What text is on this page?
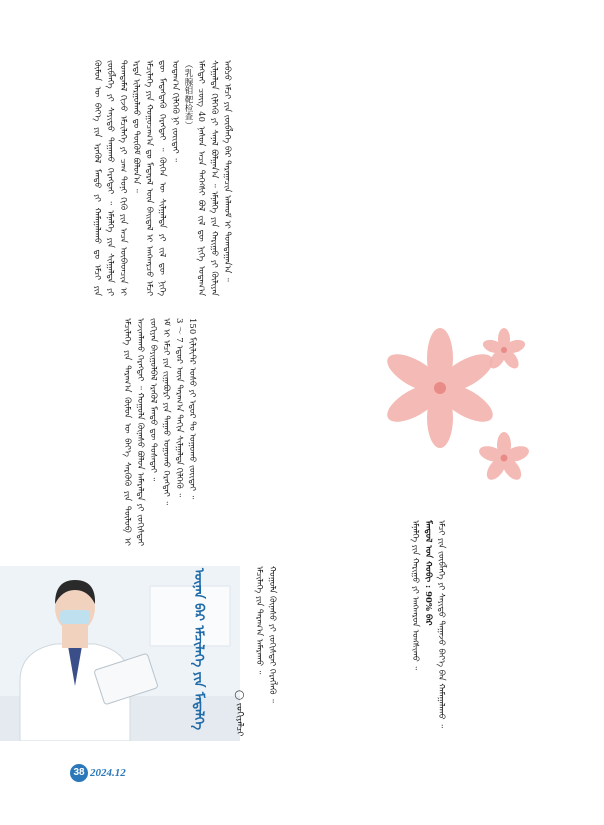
ᠬᠥᠮᠦᠨ ᠦ ᠪᠡᠶ᠎ᠡ ᠶᠢᠨ ᠡᠷᠡᠭᠦᠯ ᠮᠡᠨᠳᠦ ᠶᠢ ᠬᠠᠮᠠᠭᠠᠯᠠᠬᠤ ᠳᠤ ᠡᠮᠴᠢ ᠶᠢᠨ ᠵᠥᠪᠯᠡᠭᠡ ᠶᠢ ᠰᠠᠶᠢᠲᠤ ᠳᠠᠭᠠᠬᠤ ᠬᠡᠷᠡᠭᠲᠡᠢ ᠃ ᠡᠮᠨᠡᠯᠭᠡ ᠶᠢᠨ ᠰᠢᠯᠭᠠᠯᠲᠠ ᠶᠢ ᠲᠣᠭᠲᠠᠮᠠᠯ ᠬᠢᠵᠦ ᠡᠮᠴᠢᠯᠡᠭᠡ ᠶᠢ ᠴᠠᠭ ᠲᠤᠨᠢ ᠬᠢᠬᠦ ᠶᠢᠨ ᠠᠴᠠ ᠥᠪᠡᠳᠴᠢᠨ ᠢ ᠡᠷᠲᠡ ᠢᠯᠠᠷᠭᠤᠯᠬᠤ ᠳᠤ ᠳᠥᠭᠥᠮ ᠪᠣᠯᠤᠨ᠎ᠠ ᠃ ᠡᠮᠴᠢᠯᠡᠭᠡ ᠶᠢᠨ ᠬᠤᠭᠤᠴᠠᠭ᠎ᠠ ᠳᠤ ᠮᠡᠳᠡᠷᠡᠯ ᠦᠨ ᠪᠠᠢᠳᠠᠯ ᠢ ᠠᠩᠬᠠᠷᠴᠤ ᠡᠮᠴᠢ ᠳᠦ ᠮᠡᠳᠡᠭᠳᠡᠬᠦ ᠬᠡᠷᠡᠭᠲᠡᠢ ᠃ ᠬᠥᠬᠡᠨ ᠦ ᠰᠢᠯᠭᠠᠯᠲᠠ ᠶᠢ ᠵᠢᠯ ᠳᠦ ᠨᠢᠭᠡ ᠤᠳᠠᠭ᠎ᠠ ᠬᠢᠯᠭᠡᠬᠦ ᠨᠢ ᠵᠦᠢᠲᠡᠢ ᠃ （乳腺钼靶检查） ᠡᠮᠡᠭᠲᠡᠢ ᠴᠦᠭ 40 ᠨᠠᠰᠤᠨ ᠠᠴᠠ ᠳᠡᠭᠡᠭᠰᠢ ᠪᠣᠯ ᠵᠢᠯ ᠳᠦ ᠨᠢᠭᠡ ᠤᠳᠠᠭ᠎ᠠ ᠰᠢᠯᠭᠠᠯᠲᠠ ᠬᠢᠯᠭᠡᠬᠦ ᠶᠢ ᠰᠠᠨᠠᠯ ᠪᠣᠯᠭᠠᠨ᠎ᠠ ᠃ ᠡᠮᠨᠡᠯᠭᠡ ᠶᠢᠨ ᠬᠠᠷᠢᠭᠤ ᠶᠢ ᠬᠦᠯᠢᠶᠡᠨ ᠠᠪᠴᠤ ᠡᠮᠴᠢ ᠶᠢᠨ ᠵᠥᠪᠯᠡᠭᠡ ᠪᠡᠷ ᠳᠠᠷᠠᠭᠠᠴᠢᠨ ᠠᠯᠬᠤᠮ ᠢ ᠲᠣᠭᠲᠠᠭᠠᠨ᠎ᠠ ᠃

ᠡᠮᠴᠢᠯᠡᠭᠡ ᠶᠢᠨ ᠳᠠᠷᠠᠭ᠎ᠠ ᠬᠥᠮᠦᠨ ᠦ ᠪᠡᠶ᠎ᠡ ᠰᠡᠷᠭᠦᠬᠦ ᠶᠢᠨ ᠲᠥᠯᠦᠪ ᠢ ᠠᠵᠢᠭᠯᠠᠬᠤ ᠬᠡᠷᠡᠭᠲᠡᠢ ᠃ ᠬᠣᠭᠣᠯᠠ ᠬᠦᠨᠡᠰᠦ ᠪᠣᠯᠤᠨ ᠠᠮᠠᠷᠠᠯᠲᠠ ᠶᠢ ᠵᠣᠬᠢᠰᠲᠠᠢ ᠵᠣᠬᠢᠶᠠᠨ ᠪᠠᠶᠢᠭᠤᠯᠪᠠᠯ ᠡᠷᠡᠭᠦᠯ ᠮᠡᠨᠳᠦ ᠳᠦ ᠲᠤᠰᠠᠲᠠᠢ ᠃ ᠡᠮ ᠢ ᠡᠮᠴᠢ ᠶᠢᠨ ᠵᠢᠭᠠᠪᠤᠷᠢ ᠶᠢᠨ ᠳᠠᠭᠠᠤ ᠤᠭᠤᠬᠤ ᠬᠡᠷᠡᠭᠲᠡᠢ ᠃ 3 ～ 7 ᠡᠳᠦᠷ ᠦᠨ ᠳᠠᠷᠠᠭ᠎ᠠ ᠳᠠᠬᠢᠨ ᠰᠢᠯᠭᠠᠯᠲᠠ ᠬᠢᠯᠭᠡᠬᠦ ᠃ 150 ᠮᠢᠯᠢᠯᠢᠲᠷ ᠤᠰᠤ ᠶᠢ ᠡᠳᠦᠷ ᠲᠤ ᠤᠭᠤᠬᠤ ᠵᠦᠢᠲᠡᠢ ᠃

ᠡᠮᠨᠡᠯᠭᠡ ᠶᠢᠨ ᠬᠠᠷᠢᠭᠤ ᠶᠢ ᠠᠩᠬᠠᠷᠤᠨ ᠤᠩᠰᠢᠬᠤ ᠃ ᠮᠠᠨᠳᠤᠯ ᠤᠨ ᠬᠤᠪᠢ : 90% ᠪᠠᠷ ᠡᠮᠴᠢ ᠶᠢᠨ ᠵᠥᠪᠯᠡᠭᠡ ᠶᠢ ᠰᠠᠶᠢᠲᠤ ᠳᠠᠭᠠᠵᠤ ᠪᠡᠶ᠎ᠡ ᠪᠡᠨ ᠬᠠᠮᠠᠭᠠᠯᠠᠬᠤ ᠃

ᠡᠮᠴᠢᠯᠡᠭᠡ ᠶᠢᠨ ᠳᠠᠷᠠᠭ᠎ᠠ ᠠᠮᠠᠷᠠᠬᠤ ᠃ ᠬᠣᠭᠣᠯᠠ ᠬᠦᠨᠡᠰᠦ ᠶᠢ ᠵᠣᠬᠢᠰᠲᠠᠢ ᠬᠡᠷᠡᠭᠯᠡᠬᠦ ᠃

ᠦᠨᠡᠨ ᠪᠡᠷ ᠡᠮᠴᠢᠯᠡᠭᠡ ᠶᠢᠨ ᠮᠡᠳᠡᠯᠭᠡ	◯ ᠵᠣᠬᠢᠶᠠᠯᠴᠢ
38 2024.12
